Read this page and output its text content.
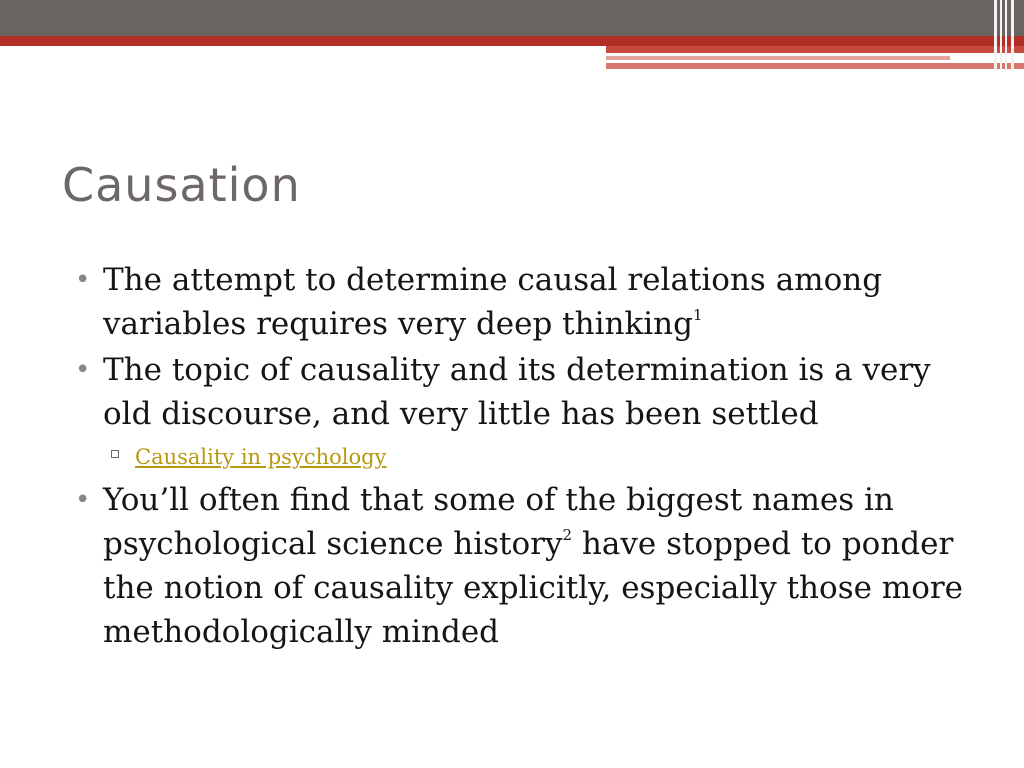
Causation
• The attempt to determine causal relations among variables requires very deep thinking$^1$
• The topic of causality and its determination is a very old discourse, and very little has been settled
Causality in psychology
• You’ll often find that some of the biggest names in psychological science history$^2$ have stopped to ponder the notion of causality explicitly, especially those more methodologically minded
